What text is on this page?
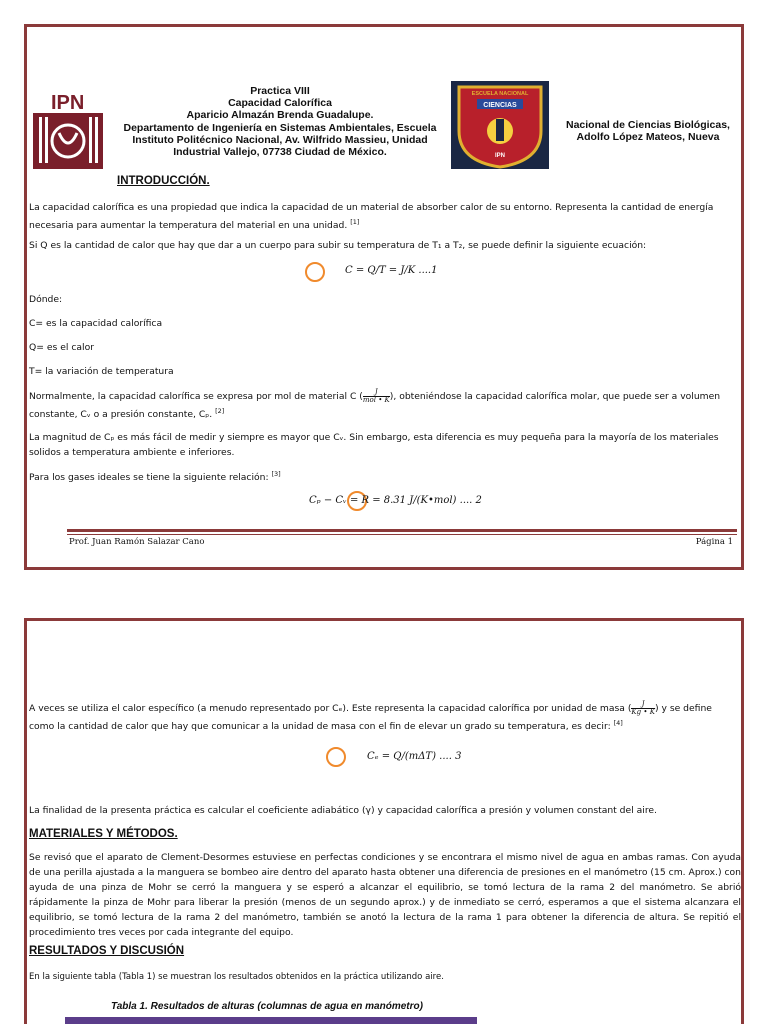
IPN
Practica VIII
Capacidad Calorífica
Aparicio Almazán Brenda Guadalupe.
Departamento de Ingeniería en Sistemas Ambientales, Escuela
Instituto Politécnico Nacional, Av. Wilfrido Massieu, Unidad
Industrial Vallejo, 07738 Ciudad de México.
CIENCIAS
ESCUELA NACIONAL
IPN
Nacional de Ciencias Biológicas,
Adolfo López Mateos, Nueva
INTRODUCCIÓN.
La capacidad calorífica es una propiedad que indica la capacidad de un material de absorber calor de su entorno. Representa la cantidad de energía necesaria para aumentar la temperatura del material en una unidad. [1]
Si Q es la cantidad de calor que hay que dar a un cuerpo para subir su temperatura de T₁ a T₂, se puede definir la siguiente ecuación:
C = Q/T = J/K ....1
Dónde:
C= es la capacidad calorífica
Q= es el calor
T= la variación de temperatura
Normalmente, la capacidad calorífica se expresa por mol de material C (	J
mol • K ), obteniéndose la capacidad calorífica molar, que puede ser a volumen
constante, Cᵥ o a presión constante, Cₚ. [2]
La magnitud de Cₚ es más fácil de medir y siempre es mayor que Cᵥ. Sin embargo, esta diferencia es muy pequeña para la mayoría de los materiales solidos a temperatura ambiente e inferiores.
Para los gases ideales se tiene la siguiente relación: [3]
Cₚ − Cᵥ = R = 8.31 J/(K•mol) .... 2
Prof. Juan Ramón Salazar Cano	Página 1
A veces se utiliza el calor específico (a menudo representado por Cₑ). Este representa la capacidad calorífica por unidad de masa ( $\frac{J}{Kg • K}$ ) y se define
como la cantidad de calor que hay que comunicar a la unidad de masa con el fin de elevar un grado su temperatura, es decir: [4]
Cₑ = Q/(mΔT) .... 3
La finalidad de la presenta práctica es calcular el coeficiente adiabático (γ) y capacidad calorífica a presión y volumen constant del aire.
MATERIALES Y MÉTODOS.
Se revisó que el aparato de Clement-Desormes estuviese en perfectas condiciones y se encontrara el mismo nivel de agua en ambas ramas. Con ayuda de una perilla ajustada a la manguera se bombeo aire dentro del aparato hasta obtener una diferencia de presiones en el manómetro (15 cm. Aprox.) con ayuda de una pinza de Mohr se cerró la manguera y se esperó a alcanzar el equilibrio, se tomó lectura de la rama 2 del manómetro. Se abrió rápidamente la pinza de Mohr para liberar la presión (menos de un segundo aprox.) y de inmediato se cerró, esperamos a que el sistema alcanzara el equilibrio, se tomó lectura de la rama 2 del manómetro, también se anotó la lectura de la rama 1 para obtener la diferencia de altura. Se repitió el procedimiento tres veces por cada integrante del equipo.
RESULTADOS Y DISCUSIÓN
En la siguiente tabla (Tabla 1) se muestran los resultados obtenidos en la práctica utilizando aire.
Tabla 1. Resultados de alturas (columnas de agua en manómetro)
